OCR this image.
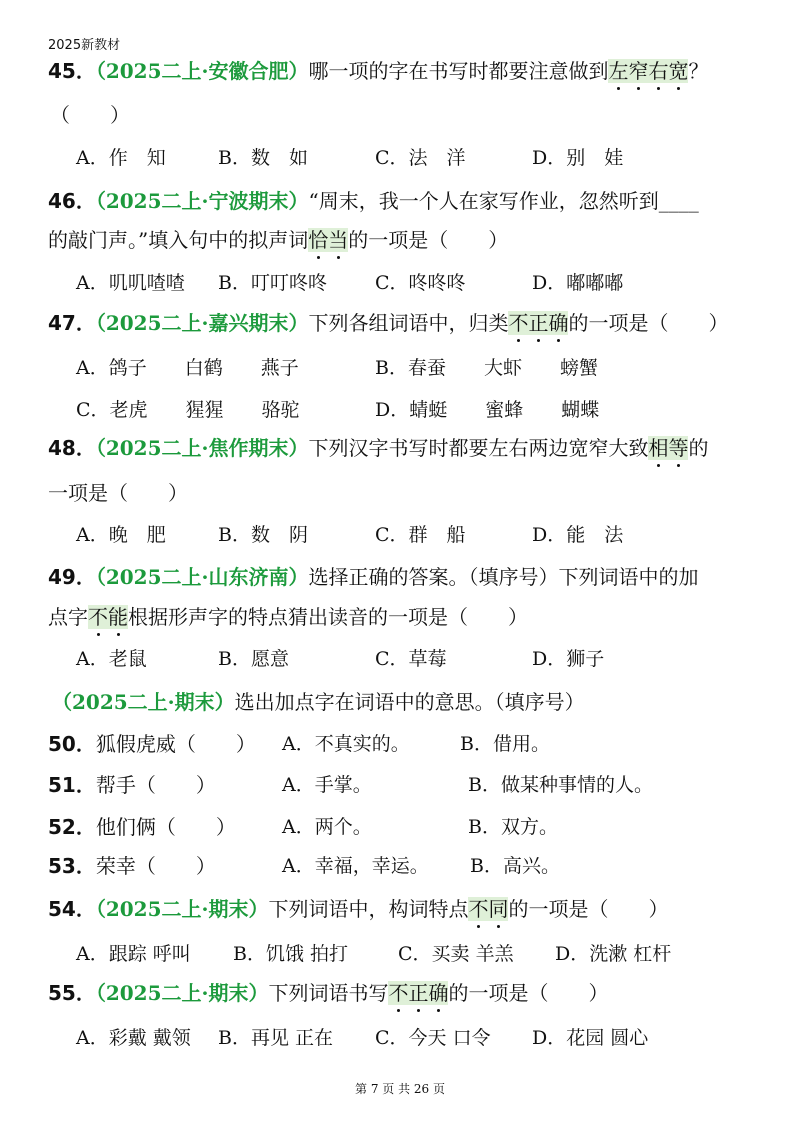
2025新教材
45．（2025二上·安徽合肥）哪一项的字在书写时都要注意做到左窄右宽？
（　　）
A．作　知	B．数　如	C．法　洋	D．别　娃
46．（2025二上·宁波期末）“周末，我一个人在家写作业，忽然听到____
的敲门声。”填入句中的拟声词恰当的一项是（　　）
A．叽叽喳喳 B．叮叮咚咚	C．咚咚咚	D．嘟嘟嘟
47．（2025二上·嘉兴期末）下列各组词语中，归类不正确的一项是（　　）
A．鸽子　　白鹤　　燕子	B．春蚕　　大虾　　螃蟹
C．老虎　　猩猩　　骆驼	D．蜻蜓　　蜜蜂　　蝴蝶
48．（2025二上·焦作期末）下列汉字书写时都要左右两边宽窄大致相等的
一项是（　　）
A．晚　肥	B．数　阴	C．群　船	D．能　法
49．（2025二上·山东济南）选择正确的答案。（填序号）下列词语中的加
点字不能根据形声字的特点猜出读音的一项是（　　）
A．老鼠	B．愿意	C．草莓	D．狮子
（2025二上·期末）选出加点字在词语中的意思。（填序号）
50．狐假虎威（　　） A．不真实的。	B．借用。
51．帮手（　　）	A．手掌。	B．做某种事情的人。
52．他们俩（　　） A．两个。	B．双方。
53．荣幸（　　）	A．幸福，幸运。 B．高兴。
54．（2025二上·期末）下列词语中，构词特点不同的一项是（　　）
A．跟踪 呼叫 B．饥饿 拍打	C．买卖 羊羔 D．洗漱 杠杆
55．（2025二上·期末）下列词语书写不正确的一项是（　　）
A．彩戴 戴领 B．再见 正在 C．今天 口令 D．花园 圆心
第 7 页 共 26 页
